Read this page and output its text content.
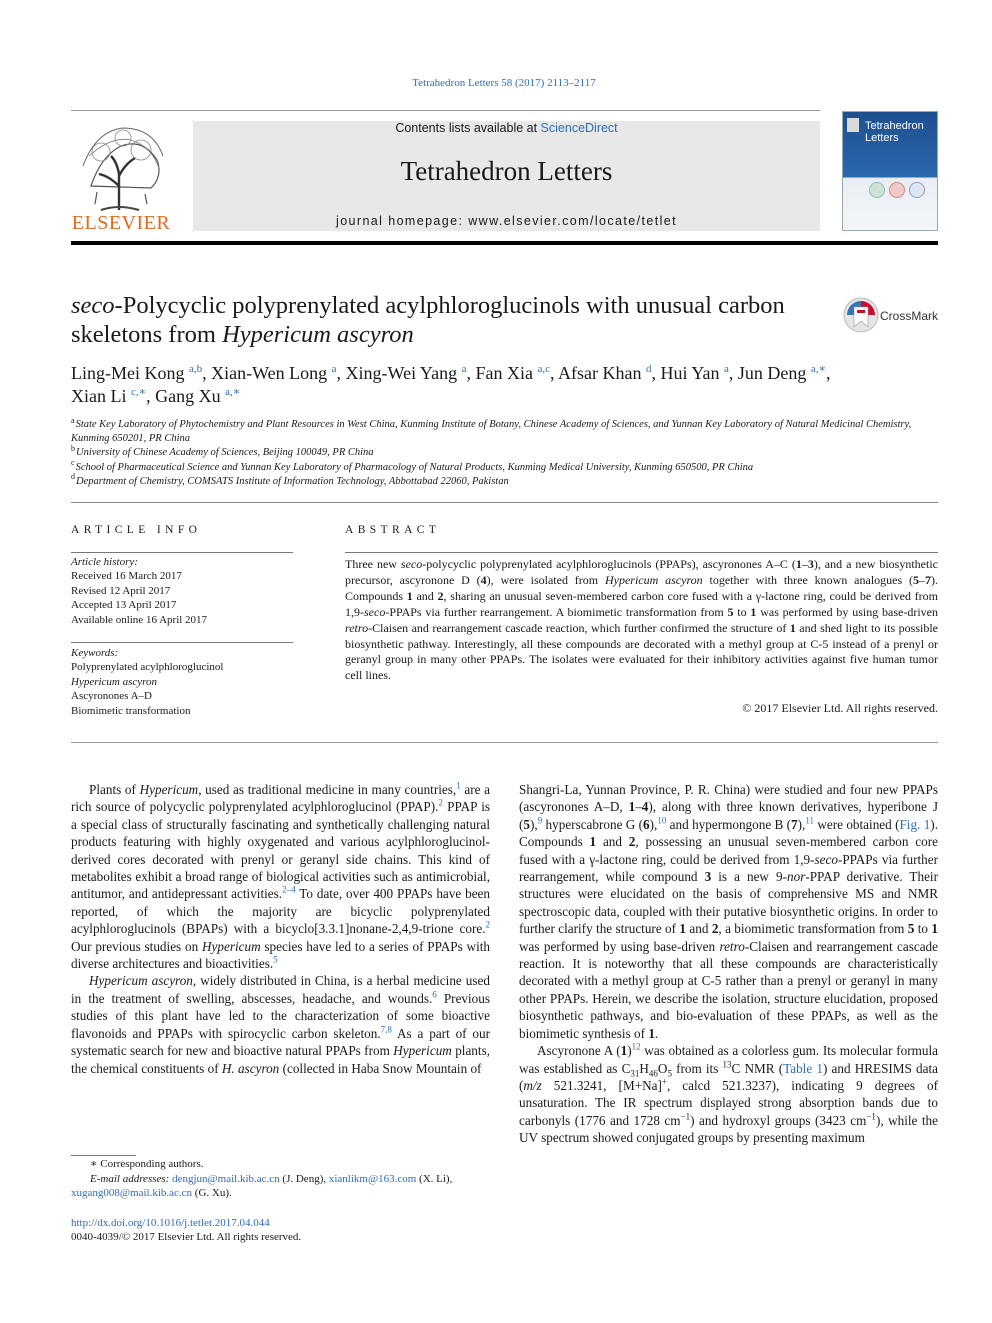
Tetrahedron Letters 58 (2017) 2113–2117
ELSEVIER
Contents lists available at ScienceDirect
Tetrahedron Letters
journal homepage: www.elsevier.com/locate/tetlet
Tetrahedron
Letters
seco-Polycyclic polyprenylated acylphloroglucinols with unusual carbon skeletons from Hypericum ascyron
CrossMark
Ling-Mei Kong $^{a,b}$, Xian-Wen Long $^a$, Xing-Wei Yang $^a$, Fan Xia $^{a,c}$, Afsar Khan $^d$, Hui Yan $^a$, Jun Deng $^{a,∗}$,
Xian Li $^{c,∗}$, Gang Xu $^{a,∗}$
$^a$State Key Laboratory of Phytochemistry and Plant Resources in West China, Kunming Institute of Botany, Chinese Academy of Sciences, and Yunnan Key Laboratory of Natural Medicinal Chemistry, Kunming 650201, PR China
$^b$University of Chinese Academy of Sciences, Beijing 100049, PR China
$^c$School of Pharmaceutical Science and Yunnan Key Laboratory of Pharmacology of Natural Products, Kunming Medical University, Kunming 650500, PR China
$^d$Department of Chemistry, COMSATS Institute of Information Technology, Abbottabad 22060, Pakistan
ARTICLE INFO
Article history:
Received 16 March 2017
Revised 12 April 2017
Accepted 13 April 2017
Available online 16 April 2017
Keywords:
Polyprenylated acylphloroglucinol
Hypericum ascyron
Ascyronones A–D
Biomimetic transformation
ABSTRACT
Three new seco-polycyclic polyprenylated acylphloroglucinols (PPAPs), ascyronones A–C (1–3), and a new biosynthetic precursor, ascyronone D (4), were isolated from Hypericum ascyron together with three known analogues (5–7). Compounds 1 and 2, sharing an unusual seven-membered carbon core fused with a γ-lactone ring, could be derived from 1,9-seco-PPAPs via further rearrangement. A biomimetic transformation from 5 to 1 was performed by using base-driven retro-Claisen and rearrangement cascade reaction, which further confirmed the structure of 1 and shed light to its possible biosynthetic pathway. Interestingly, all these compounds are decorated with a methyl group at C-5 instead of a prenyl or geranyl group in many other PPAPs. The isolates were evaluated for their inhibitory activities against five human tumor cell lines.
© 2017 Elsevier Ltd. All rights reserved.

Plants of Hypericum, used as traditional medicine in many countries,$^1$ are a rich source of polycyclic polyprenylated acylphloroglucinol (PPAP).$^2$ PPAP is a special class of structurally fascinating and synthetically challenging natural products featuring with highly oxygenated and various acylphloroglucinol-derived cores decorated with prenyl or geranyl side chains. This kind of metabolites exhibit a broad range of biological activities such as antimicrobial, antitumor, and antidepressant activities.$^{2-4}$ To date, over 400 PPAPs have been reported, of which the majority are bicyclic polyprenylated acylphloroglucinols (BPAPs) with a bicyclo[3.3.1]nonane-2,4,9-trione core.$^2$ Our previous studies on Hypericum species have led to a series of PPAPs with diverse architectures and bioactivities.$^5$

Hypericum ascyron, widely distributed in China, is a herbal medicine used in the treatment of swelling, abscesses, headache, and wounds.$^6$ Previous studies of this plant have led to the characterization of some bioactive flavonoids and PPAPs with spirocyclic carbon skeleton.$^{7,8}$ As a part of our systematic search for new and bioactive natural PPAPs from Hypericum plants, the chemical constituents of H. ascyron (collected in Haba Snow Mountain of

Shangri-La, Yunnan Province, P. R. China) were studied and four new PPAPs (ascyronones A–D, 1–4), along with three known derivatives, hyperibone J (5),$^9$ hyperscabrone G (6),$^{10}$ and hypermongone B (7),$^{11}$ were obtained (Fig. 1). Compounds 1 and 2, possessing an unusual seven-membered carbon core fused with a γ-lactone ring, could be derived from 1,9-seco-PPAPs via further rearrangement, while compound 3 is a new 9-nor-PPAP derivative. Their structures were elucidated on the basis of comprehensive MS and NMR spectroscopic data, coupled with their putative biosynthetic origins. In order to further clarify the structure of 1 and 2, a biomimetic transformation from 5 to 1 was performed by using base-driven retro-Claisen and rearrangement cascade reaction. It is noteworthy that all these compounds are characteristically decorated with a methyl group at C-5 rather than a prenyl or geranyl in many other PPAPs. Herein, we describe the isolation, structure elucidation, proposed biosynthetic pathways, and bio-evaluation of these PPAPs, as well as the biomimetic synthesis of 1.

Ascyronone A (1)$^{12}$ was obtained as a colorless gum. Its molecular formula was established as $C_{31}H_{46}O_5$ from its $^{13}$C NMR (Table 1) and HRESIMS data (m/z 521.3241, [M+Na]+, calcd 521.3237), indicating 9 degrees of unsaturation. The IR spectrum displayed strong absorption bands due to carbonyls (1776 and 1728 $cm^{-1}$) and hydroxyl groups (3423 $cm^{-1}$), while the UV spectrum showed conjugated groups by presenting maximum

∗ Corresponding authors.
E-mail addresses: dengjun@mail.kib.ac.cn (J. Deng), xianlikm@163.com (X. Li),
xugang008@mail.kib.ac.cn (G. Xu).
http://dx.doi.org/10.1016/j.tetlet.2017.04.044
0040-4039/© 2017 Elsevier Ltd. All rights reserved.
